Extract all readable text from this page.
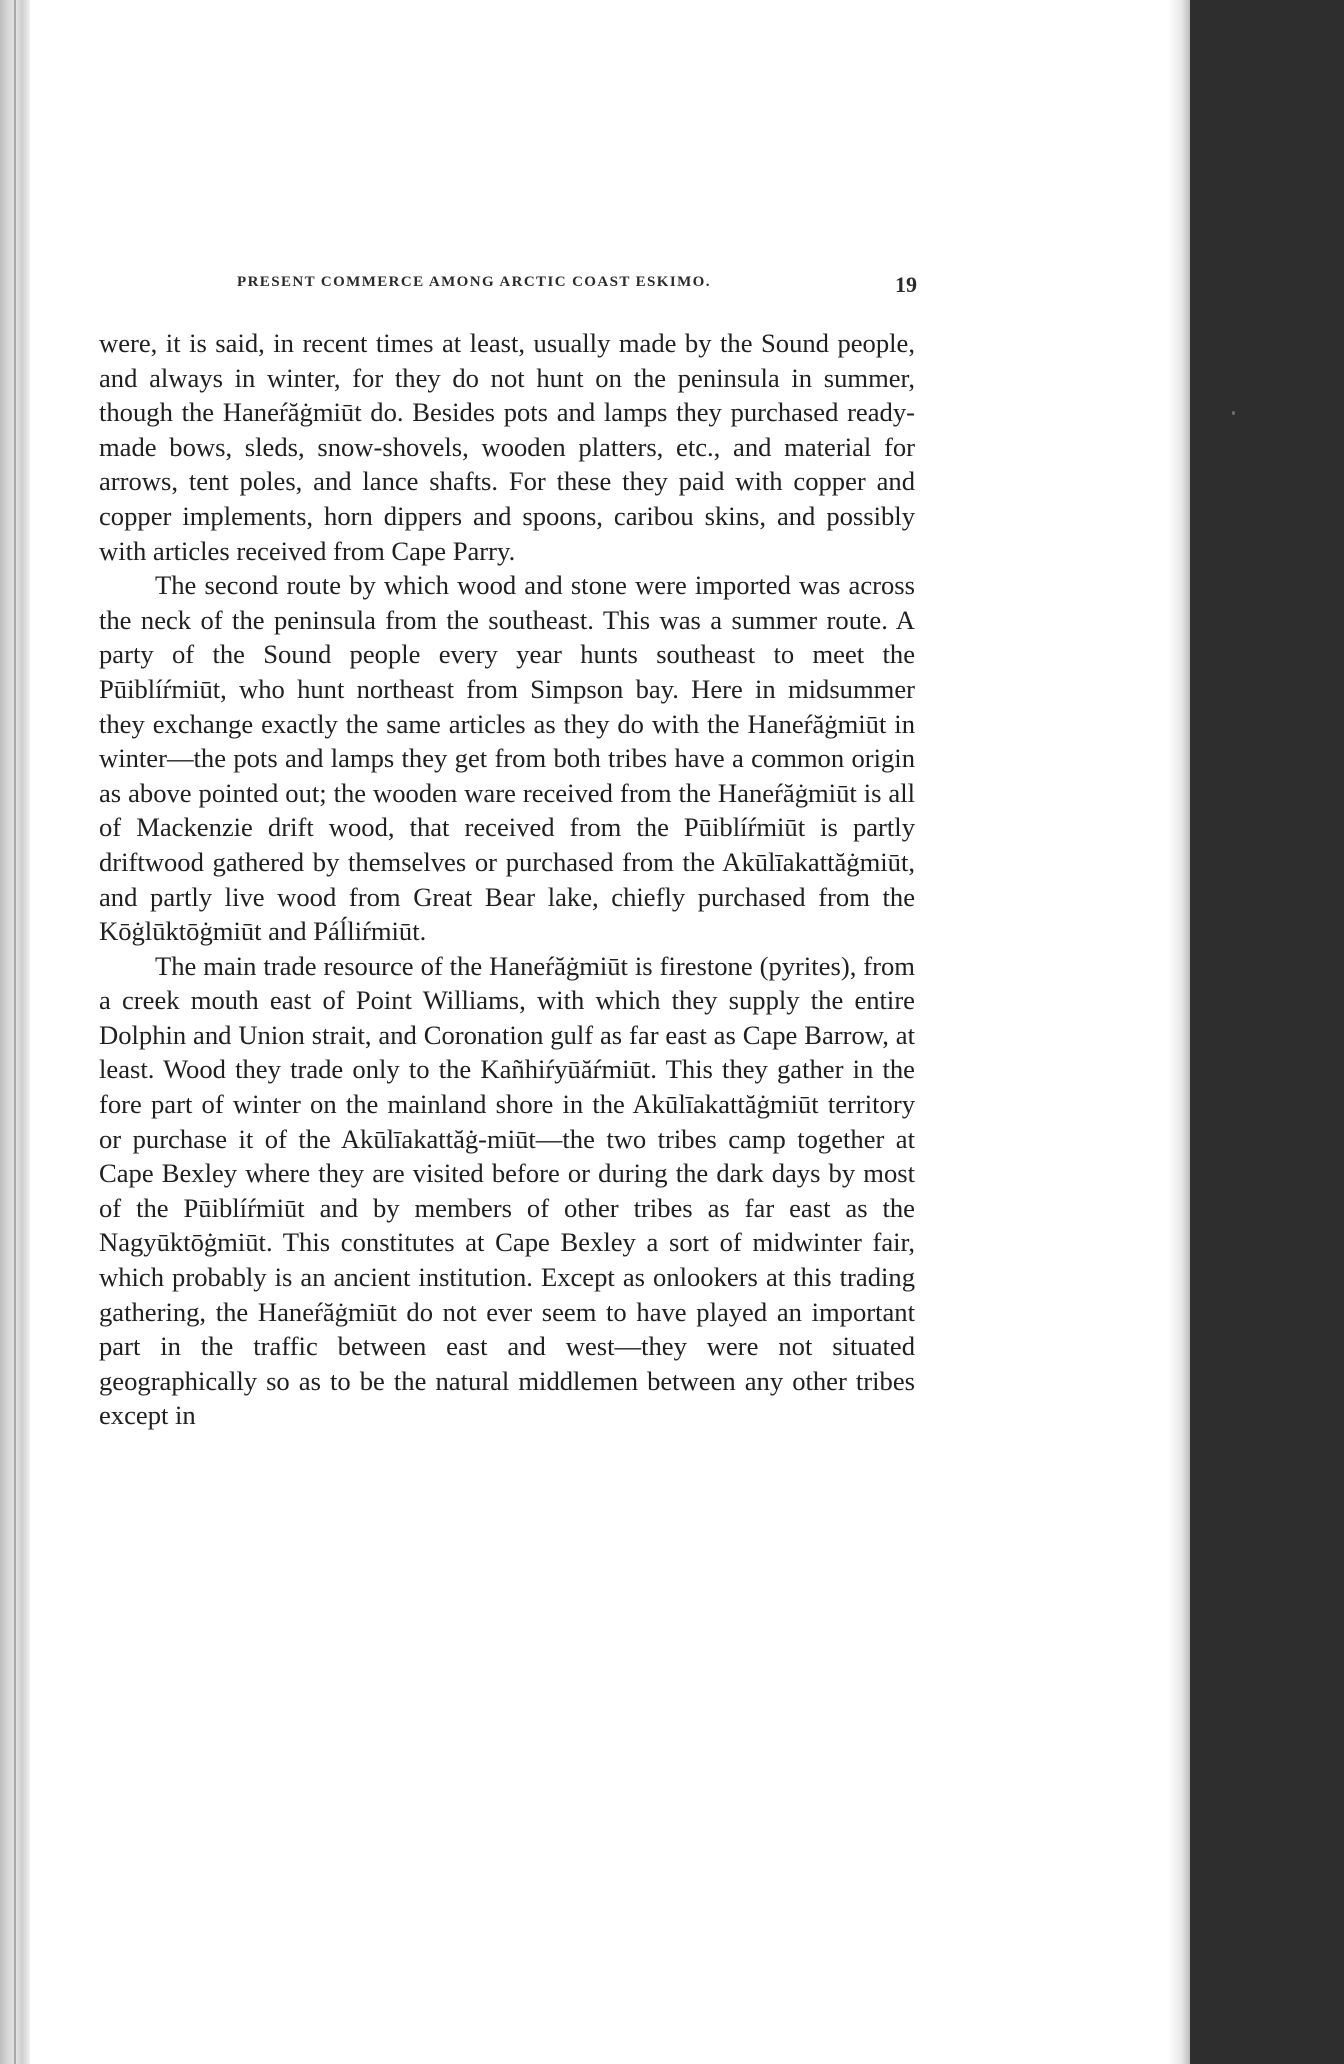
PRESENT COMMERCE AMONG ARCTIC COAST ESKIMO.	19

were, it is said, in recent times at least, usually made by the Sound people, and always in winter, for they do not hunt on the peninsula in summer, though the Haneŕăġmiūt do. Besides pots and lamps they purchased ready-made bows, sleds, snow-shovels, wooden platters, etc., and material for arrows, tent poles, and lance shafts. For these they paid with copper and copper implements, horn dippers and spoons, caribou skins, and possibly with articles received from Cape Parry.

The second route by which wood and stone were imported was across the neck of the peninsula from the southeast. This was a summer route. A party of the Sound people every year hunts southeast to meet the Pūiblíŕmiūt, who hunt northeast from Simpson bay. Here in midsummer they exchange exactly the same articles as they do with the Haneŕăġmiūt in winter—the pots and lamps they get from both tribes have a common origin as above pointed out; the wooden ware received from the Haneŕăġmiūt is all of Mackenzie drift wood, that received from the Pūiblíŕmiūt is partly driftwood gathered by themselves or purchased from the Akūlīakattăġmiūt, and partly live wood from Great Bear lake, chiefly purchased from the Kōġlūktōġmiūt and Páĺliŕmiūt.

The main trade resource of the Haneŕăġmiūt is firestone (pyrites), from a creek mouth east of Point Williams, with which they supply the entire Dolphin and Union strait, and Coronation gulf as far east as Cape Barrow, at least. Wood they trade only to the Kañhiŕyūăŕmiūt. This they gather in the fore part of winter on the mainland shore in the Akūlīakattăġmiūt territory or purchase it of the Akūlīakattăġ-miūt—the two tribes camp together at Cape Bexley where they are visited before or during the dark days by most of the Pūiblíŕmiūt and by members of other tribes as far east as the Nagyūktōġmiūt. This constitutes at Cape Bexley a sort of midwinter fair, which probably is an ancient institution. Except as onlookers at this trading gathering, the Haneŕăġmiūt do not ever seem to have played an important part in the traffic between east and west—they were not situated geographically so as to be the natural middlemen between any other tribes except in
